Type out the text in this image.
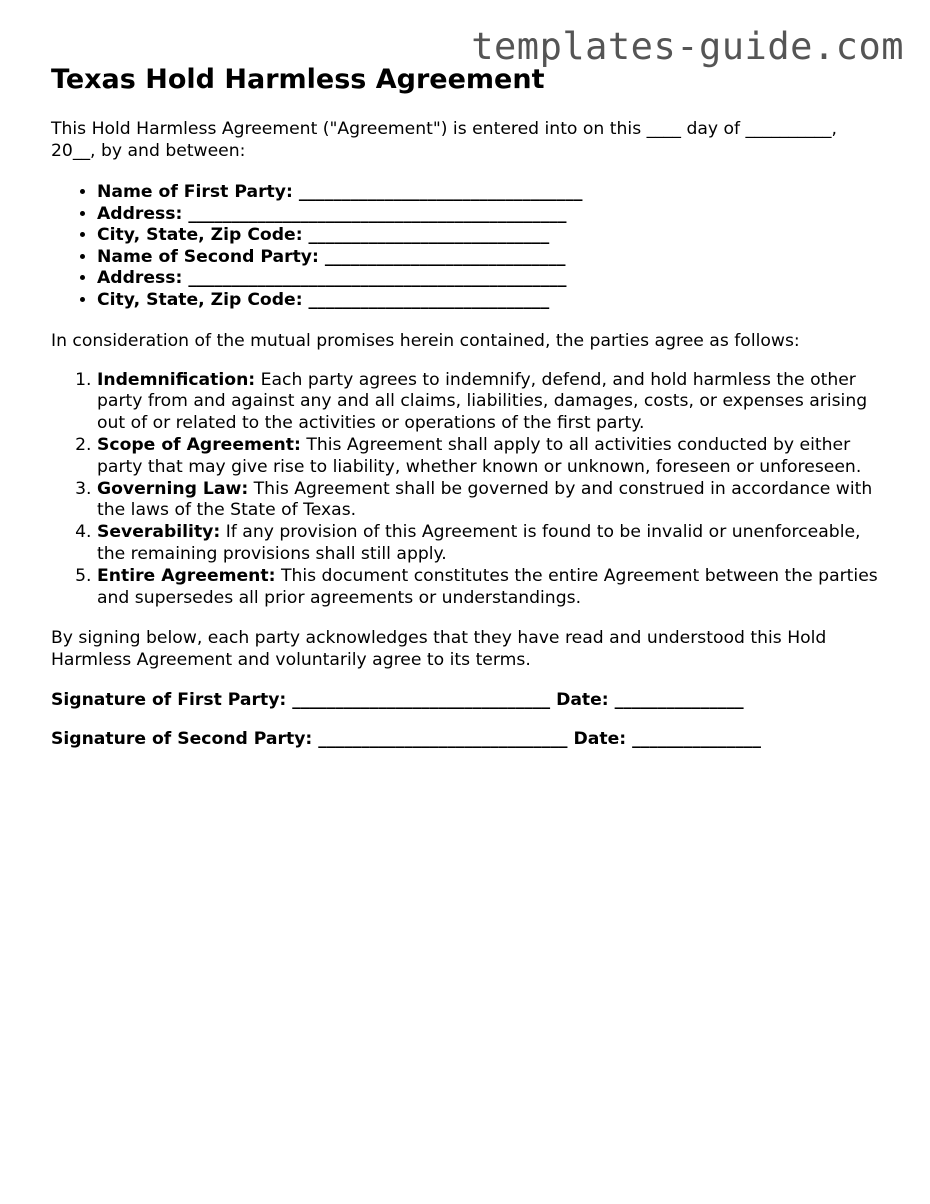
templates-guide.com
Texas Hold Harmless Agreement

This Hold Harmless Agreement ("Agreement") is entered into on this ____ day of __________, 20__, by and between:

• Name of First Party: _________________________________
• Address: ____________________________________________
• City, State, Zip Code: ____________________________
• Name of Second Party: ____________________________
• Address: ____________________________________________
• City, State, Zip Code: ____________________________

In consideration of the mutual promises herein contained, the parties agree as follows:

1. Indemnification: Each party agrees to indemnify, defend, and hold harmless the other party from and against any and all claims, liabilities, damages, costs, or expenses arising out of or related to the activities or operations of the first party.
2. Scope of Agreement: This Agreement shall apply to all activities conducted by either party that may give rise to liability, whether known or unknown, foreseen or unforeseen.
3. Governing Law: This Agreement shall be governed by and construed in accordance with the laws of the State of Texas.
4. Severability: If any provision of this Agreement is found to be invalid or unenforceable, the remaining provisions shall still apply.
5. Entire Agreement: This document constitutes the entire Agreement between the parties and supersedes all prior agreements or understandings.

By signing below, each party acknowledges that they have read and understood this Hold Harmless Agreement and voluntarily agree to its terms.

Signature of First Party: ______________________________ Date: _______________
Signature of Second Party: _____________________________ Date: _______________
